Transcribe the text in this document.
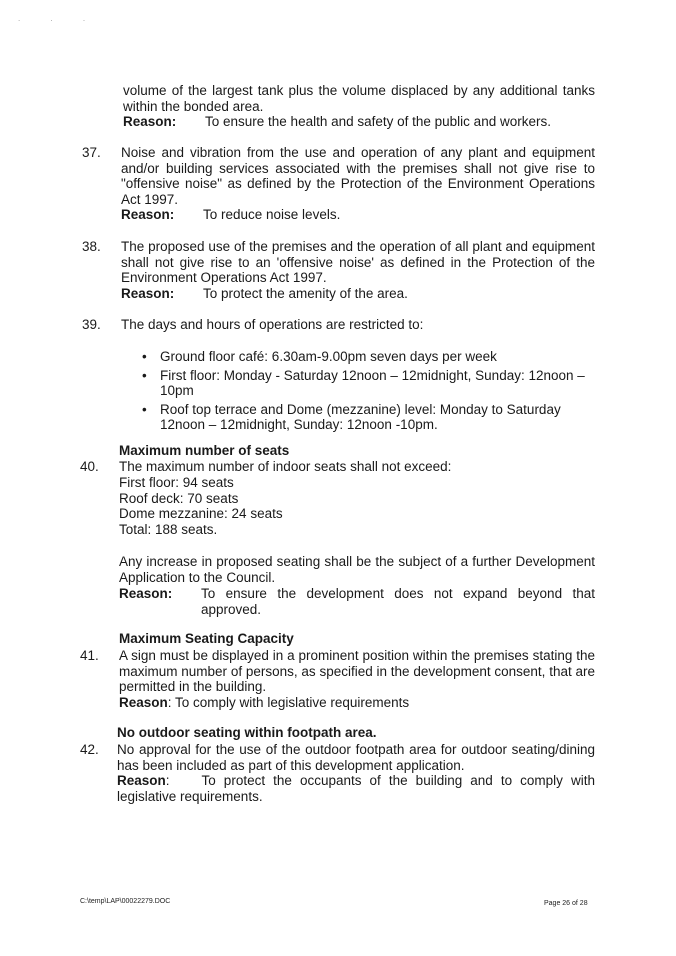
. . .
volume of the largest tank plus the volume displaced by any additional tanks within the bonded area.
Reason:	To ensure the health and safety of the public and workers.
37. Noise and vibration from the use and operation of any plant and equipment and/or building services associated with the premises shall not give rise to "offensive noise" as defined by the Protection of the Environment Operations Act 1997.
Reason:	To reduce noise levels.
38. The proposed use of the premises and the operation of all plant and equipment shall not give rise to an 'offensive noise' as defined in the Protection of the Environment Operations Act 1997.
Reason:	To protect the amenity of the area.
39. The days and hours of operations are restricted to:
• Ground floor café: 6.30am-9.00pm seven days per week
• First floor: Monday - Saturday 12noon – 12midnight, Sunday: 12noon – 10pm
• Roof top terrace and Dome (mezzanine) level: Monday to Saturday 12noon – 12midnight, Sunday: 12noon -10pm.
Maximum number of seats
40. The maximum number of indoor seats shall not exceed:
First floor: 94 seats
Roof deck: 70 seats
Dome mezzanine: 24 seats
Total: 188 seats.
Any increase in proposed seating shall be the subject of a further Development Application to the Council.
Reason:	To ensure the development does not expand beyond that approved.
Maximum Seating Capacity
41. A sign must be displayed in a prominent position within the premises stating the maximum number of persons, as specified in the development consent, that are permitted in the building.
Reason: To comply with legislative requirements
No outdoor seating within footpath area.
42. No approval for the use of the outdoor footpath area for outdoor seating/dining has been included as part of this development application.
Reason:    To protect the occupants of the building and to comply with legislative requirements.
C:\temp\LAP\00022279.DOC	Page 26 of 28
